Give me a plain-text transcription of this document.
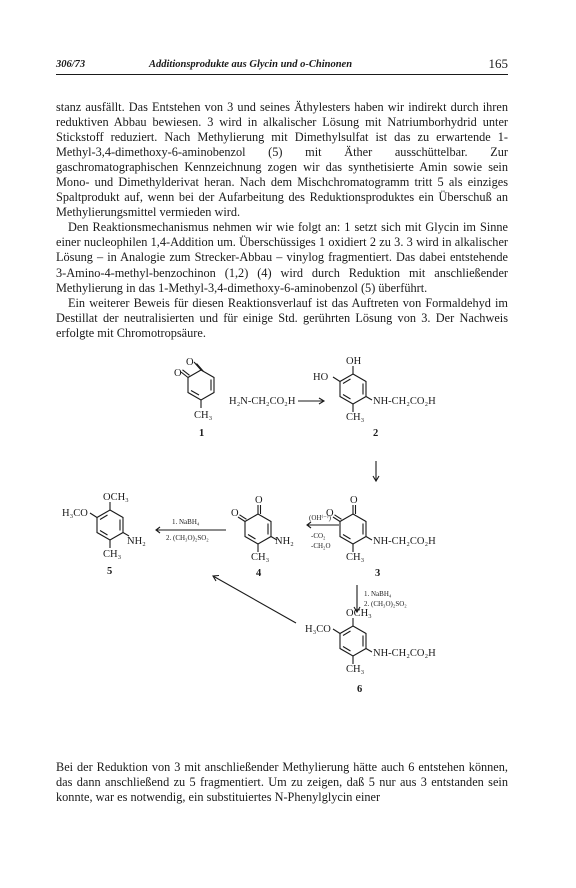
306/73	Additionsprodukte aus Glycin und o-Chinonen	165

stanz ausfällt. Das Entstehen von 3 und seines Äthylesters haben wir indirekt durch ihren reduktiven Abbau bewiesen. 3 wird in alkalischer Lösung mit Natriumborhydrid unter Stickstoff reduziert. Nach Methylierung mit Dimethylsulfat ist das zu erwartende 1-Methyl-3,4-dimethoxy-6-aminobenzol (5) mit Äther ausschüttelbar. Zur gaschromatographischen Kennzeichnung zogen wir das synthetisierte Amin sowie sein Mono- und Dimethylderivat heran. Nach dem Mischchromatogramm tritt 5 als einziges Spaltprodukt auf, wenn bei der Aufarbeitung des Reduktionsproduktes ein Überschuß an Methylierungsmittel vermieden wird.

Den Reaktionsmechanismus nehmen wir wie folgt an: 1 setzt sich mit Glycin im Sinne einer nucleophilen 1,4-Addition um. Überschüssiges 1 oxidiert 2 zu 3. 3 wird in alkalischer Lösung – in Analogie zum Strecker-Abbau – vinylog fragmentiert. Das dabei entstehende 3-Amino-4-methyl-benzochinon (1,2) (4) wird durch Reduktion mit anschließender Methylierung in das 1-Methyl-3,4-dimethoxy-6-aminobenzol (5) überführt.

Ein weiterer Beweis für diesen Reaktionsverlauf ist das Auftreten von Formaldehyd im Destillat der neutralisierten und für einige Std. gerührten Lösung von 3. Der Nachweis erfolgte mit Chromotropsäure.

O
O
CH₃
1
H₂N-CH₂CO₂H
OH
HO
NH-CH₂CO₂H
CH₃
2
O
O
NH-CH₂CO₂H
CH₃
3
O
O
NH₂
CH₃
4
OCH₃
H₃CO
NH₂
CH₃
5
OCH₃
H₃CO
NH-CH₂CO₂H
CH₃
6
1. NaBH₄
2. (CH₃O)₂SO₂
(OH⁽⁻⁾)
-CO₂
-CH₂O
1. NaBH₄
2. (CH₃O)₂SO₂

Bei der Reduktion von 3 mit anschließender Methylierung hätte auch 6 entstehen können, das dann anschließend zu 5 fragmentiert. Um zu zeigen, daß 5 nur aus 3 entstanden sein konnte, war es notwendig, ein substituiertes N-Phenylglycin einer
